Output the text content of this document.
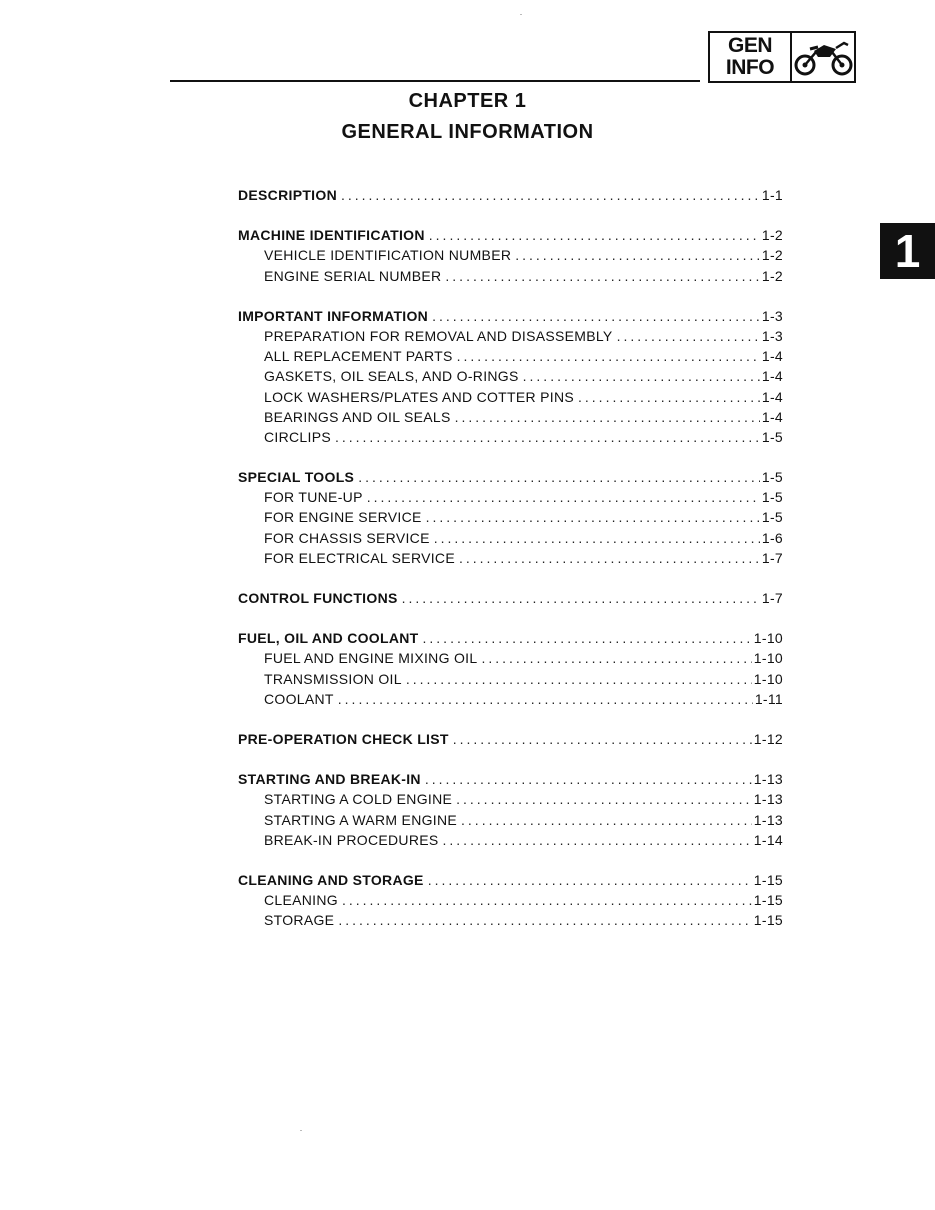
GEN
INFO
CHAPTER 1
GENERAL INFORMATION
1
DESCRIPTION .....	1-1
MACHINE IDENTIFICATION .....	1-2
VEHICLE IDENTIFICATION NUMBER .....	1-2
ENGINE SERIAL NUMBER .....	1-2
IMPORTANT INFORMATION .....	1-3
PREPARATION FOR REMOVAL AND DISASSEMBLY .....	1-3
ALL REPLACEMENT PARTS .....	1-4
GASKETS, OIL SEALS, AND O-RINGS .....	1-4
LOCK WASHERS/PLATES AND COTTER PINS .....	1-4
BEARINGS AND OIL SEALS .....	1-4
CIRCLIPS .....	1-5
SPECIAL TOOLS .....	1-5
FOR TUNE-UP .....	1-5
FOR ENGINE SERVICE .....	1-5
FOR CHASSIS SERVICE .....	1-6
FOR ELECTRICAL SERVICE .....	1-7
CONTROL FUNCTIONS .....	1-7
FUEL, OIL AND COOLANT .....	1-10
FUEL AND ENGINE MIXING OIL .....	1-10
TRANSMISSION OIL .....	1-10
COOLANT .....	1-11
PRE-OPERATION CHECK LIST .....	1-12
STARTING AND BREAK-IN .....	1-13
STARTING A COLD ENGINE .....	1-13
STARTING A WARM ENGINE .....	1-13
BREAK-IN PROCEDURES .....	1-14
CLEANING AND STORAGE .....	1-15
CLEANING .....	1-15
STORAGE .....	1-15
